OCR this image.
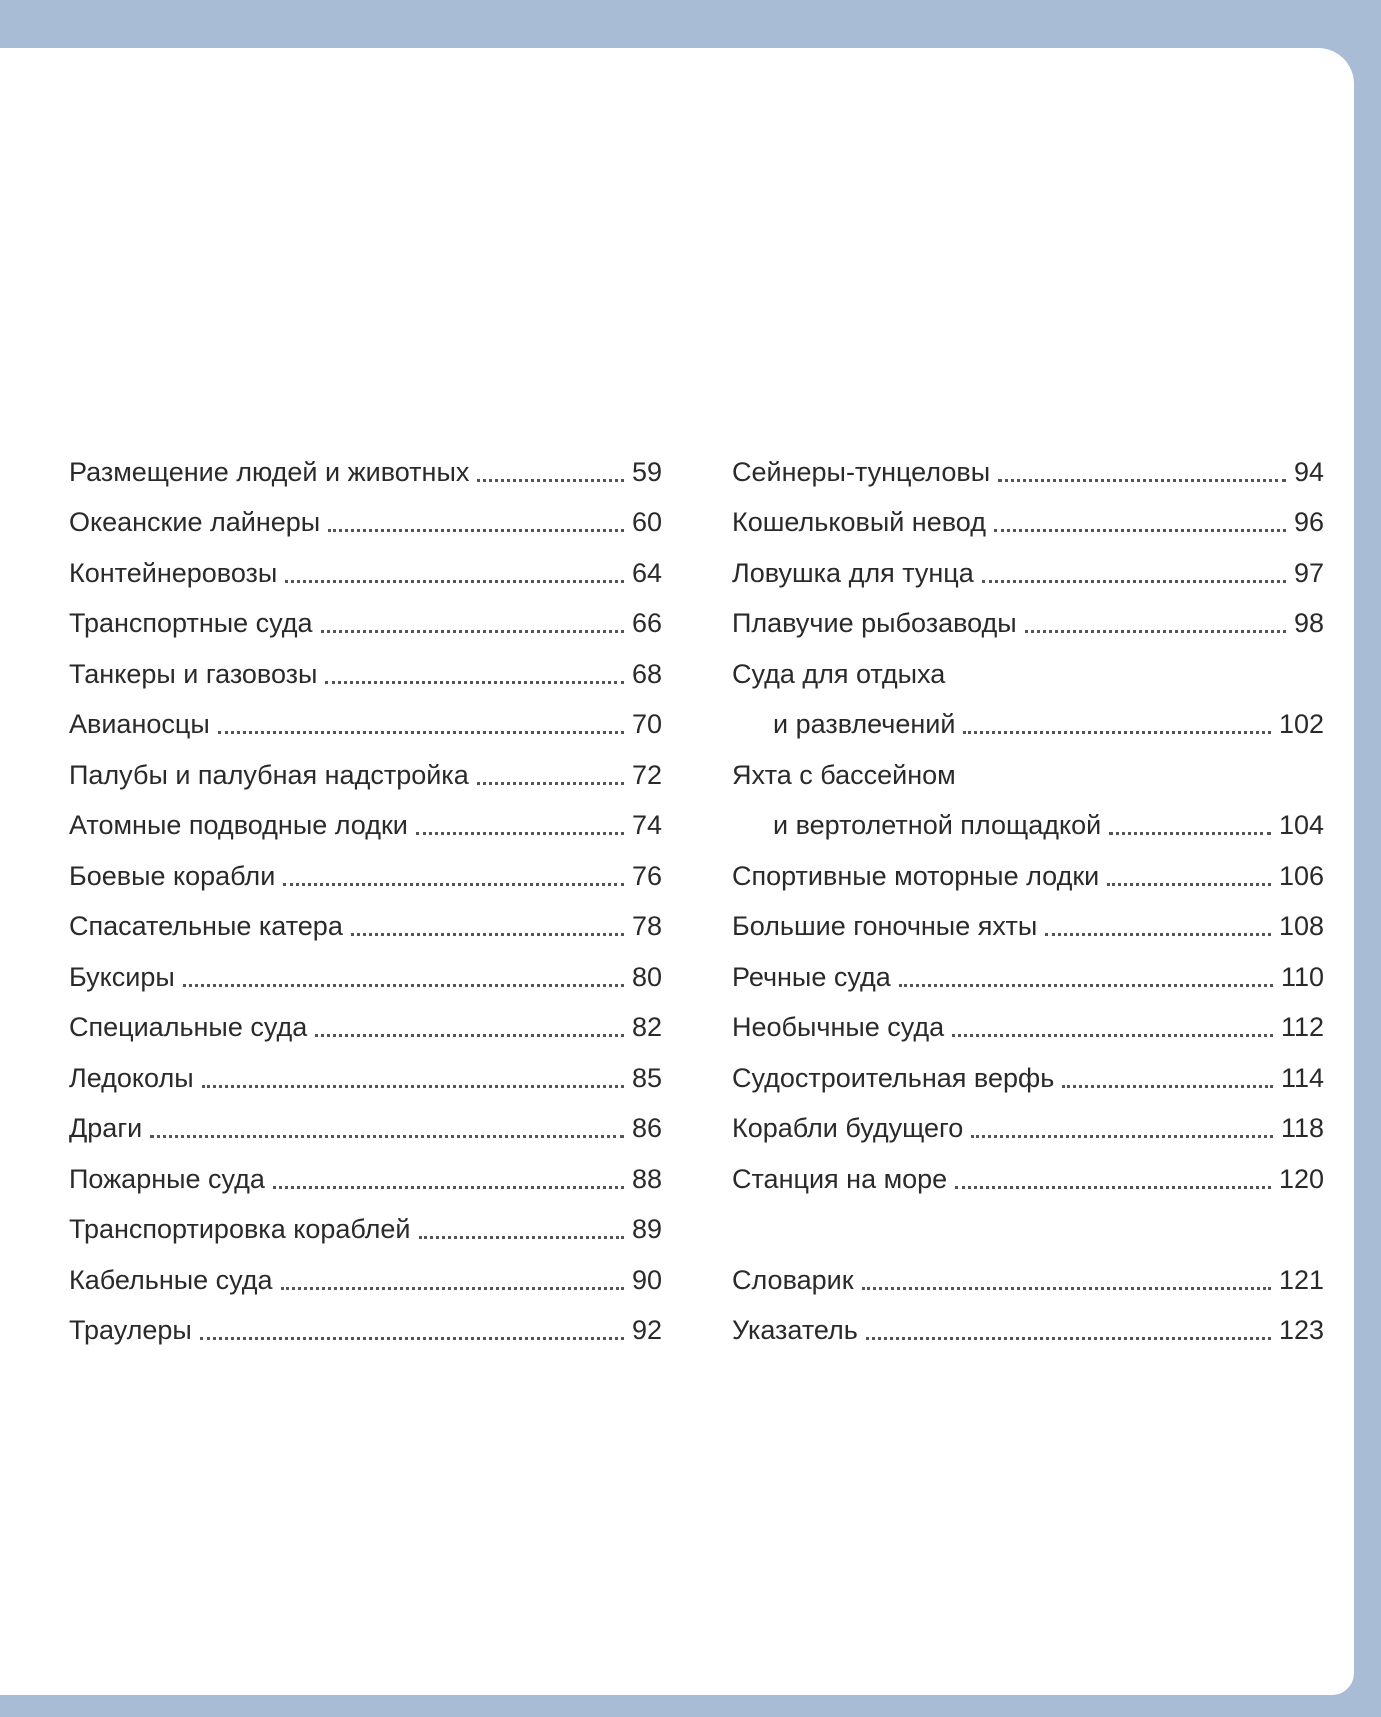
Размещение людей и животных	59
Океанские лайнеры	60
Контейнеровозы	64
Транспортные суда	66
Танкеры и газовозы	68
Авианосцы	70
Палубы и палубная надстройка	72
Атомные подводные лодки	74
Боевые корабли	76
Спасательные катера	78
Буксиры	80
Специальные суда	82
Ледоколы	85
Драги	86
Пожарные суда	88
Транспортировка кораблей	89
Кабельные суда	90
Траулеры	92
Сейнеры-тунцеловы	94
Кошельковый невод	96
Ловушка для тунца	97
Плавучие рыбозаводы	98
Суда для отдыха
и развлечений	102
Яхта с бассейном
и вертолетной площадкой	104
Спортивные моторные лодки	106
Большие гоночные яхты	108
Речные суда	110
Необычные суда	112
Судостроительная верфь	114
Корабли будущего	118
Станция на море	120
Словарик	121
Указатель	123
